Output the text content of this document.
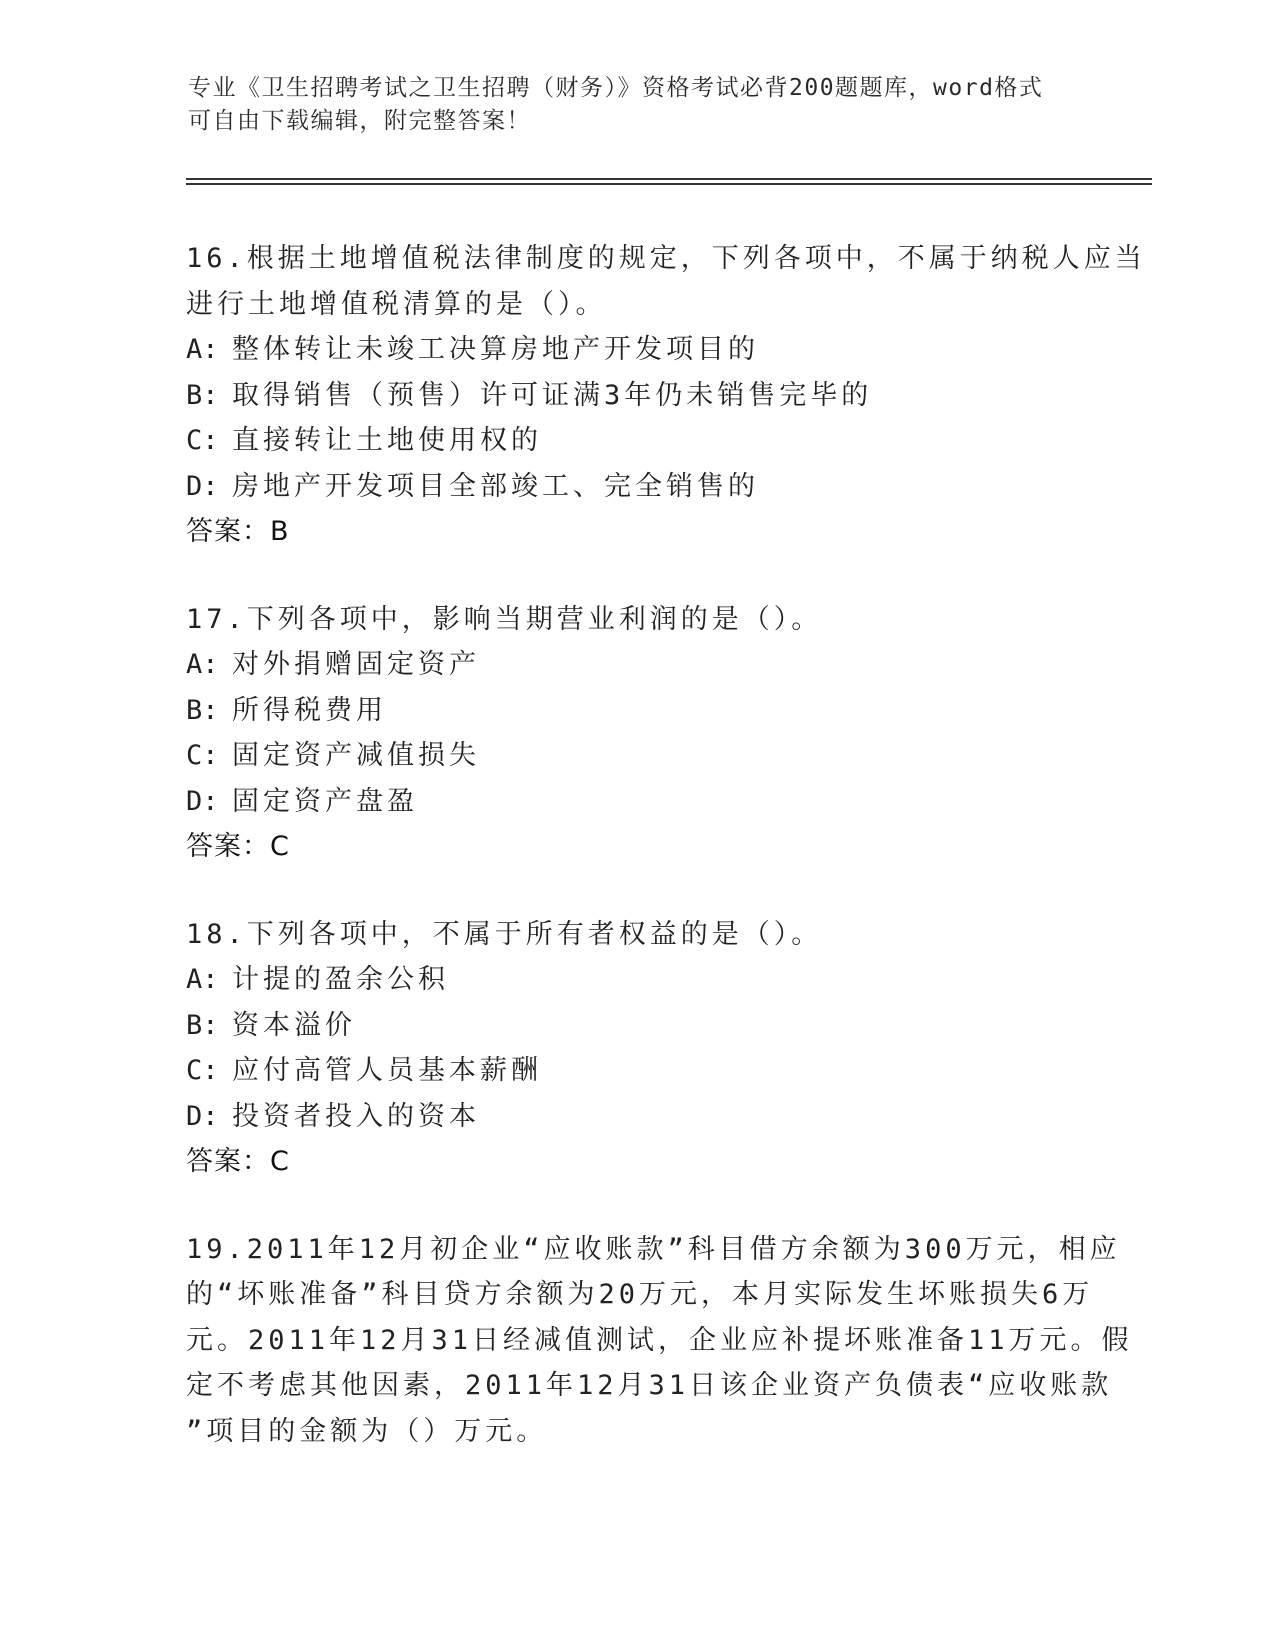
专业《卫生招聘考试之卫生招聘（财务）》资格考试必背200题题库，word格式
可自由下载编辑，附完整答案！
16.根据土地增值税法律制度的规定，下列各项中，不属于纳税人应当
进行土地增值税清算的是（）。
A: 整体转让未竣工决算房地产开发项目的
B: 取得销售（预售）许可证满3年仍未销售完毕的
C: 直接转让土地使用权的
D: 房地产开发项目全部竣工、完全销售的
答案：B
17.下列各项中，影响当期营业利润的是（）。
A: 对外捐赠固定资产
B: 所得税费用
C: 固定资产减值损失
D: 固定资产盘盈
答案：C
18.下列各项中，不属于所有者权益的是（）。
A: 计提的盈余公积
B: 资本溢价
C: 应付高管人员基本薪酬
D: 投资者投入的资本
答案：C
19.2011年12月初企业“应收账款”科目借方余额为300万元，相应
的“坏账准备”科目贷方余额为20万元，本月实际发生坏账损失6万
元。2011年12月31日经减值测试，企业应补提坏账准备11万元。假
定不考虑其他因素，2011年12月31日该企业资产负债表“应收账款
”项目的金额为（）万元。
